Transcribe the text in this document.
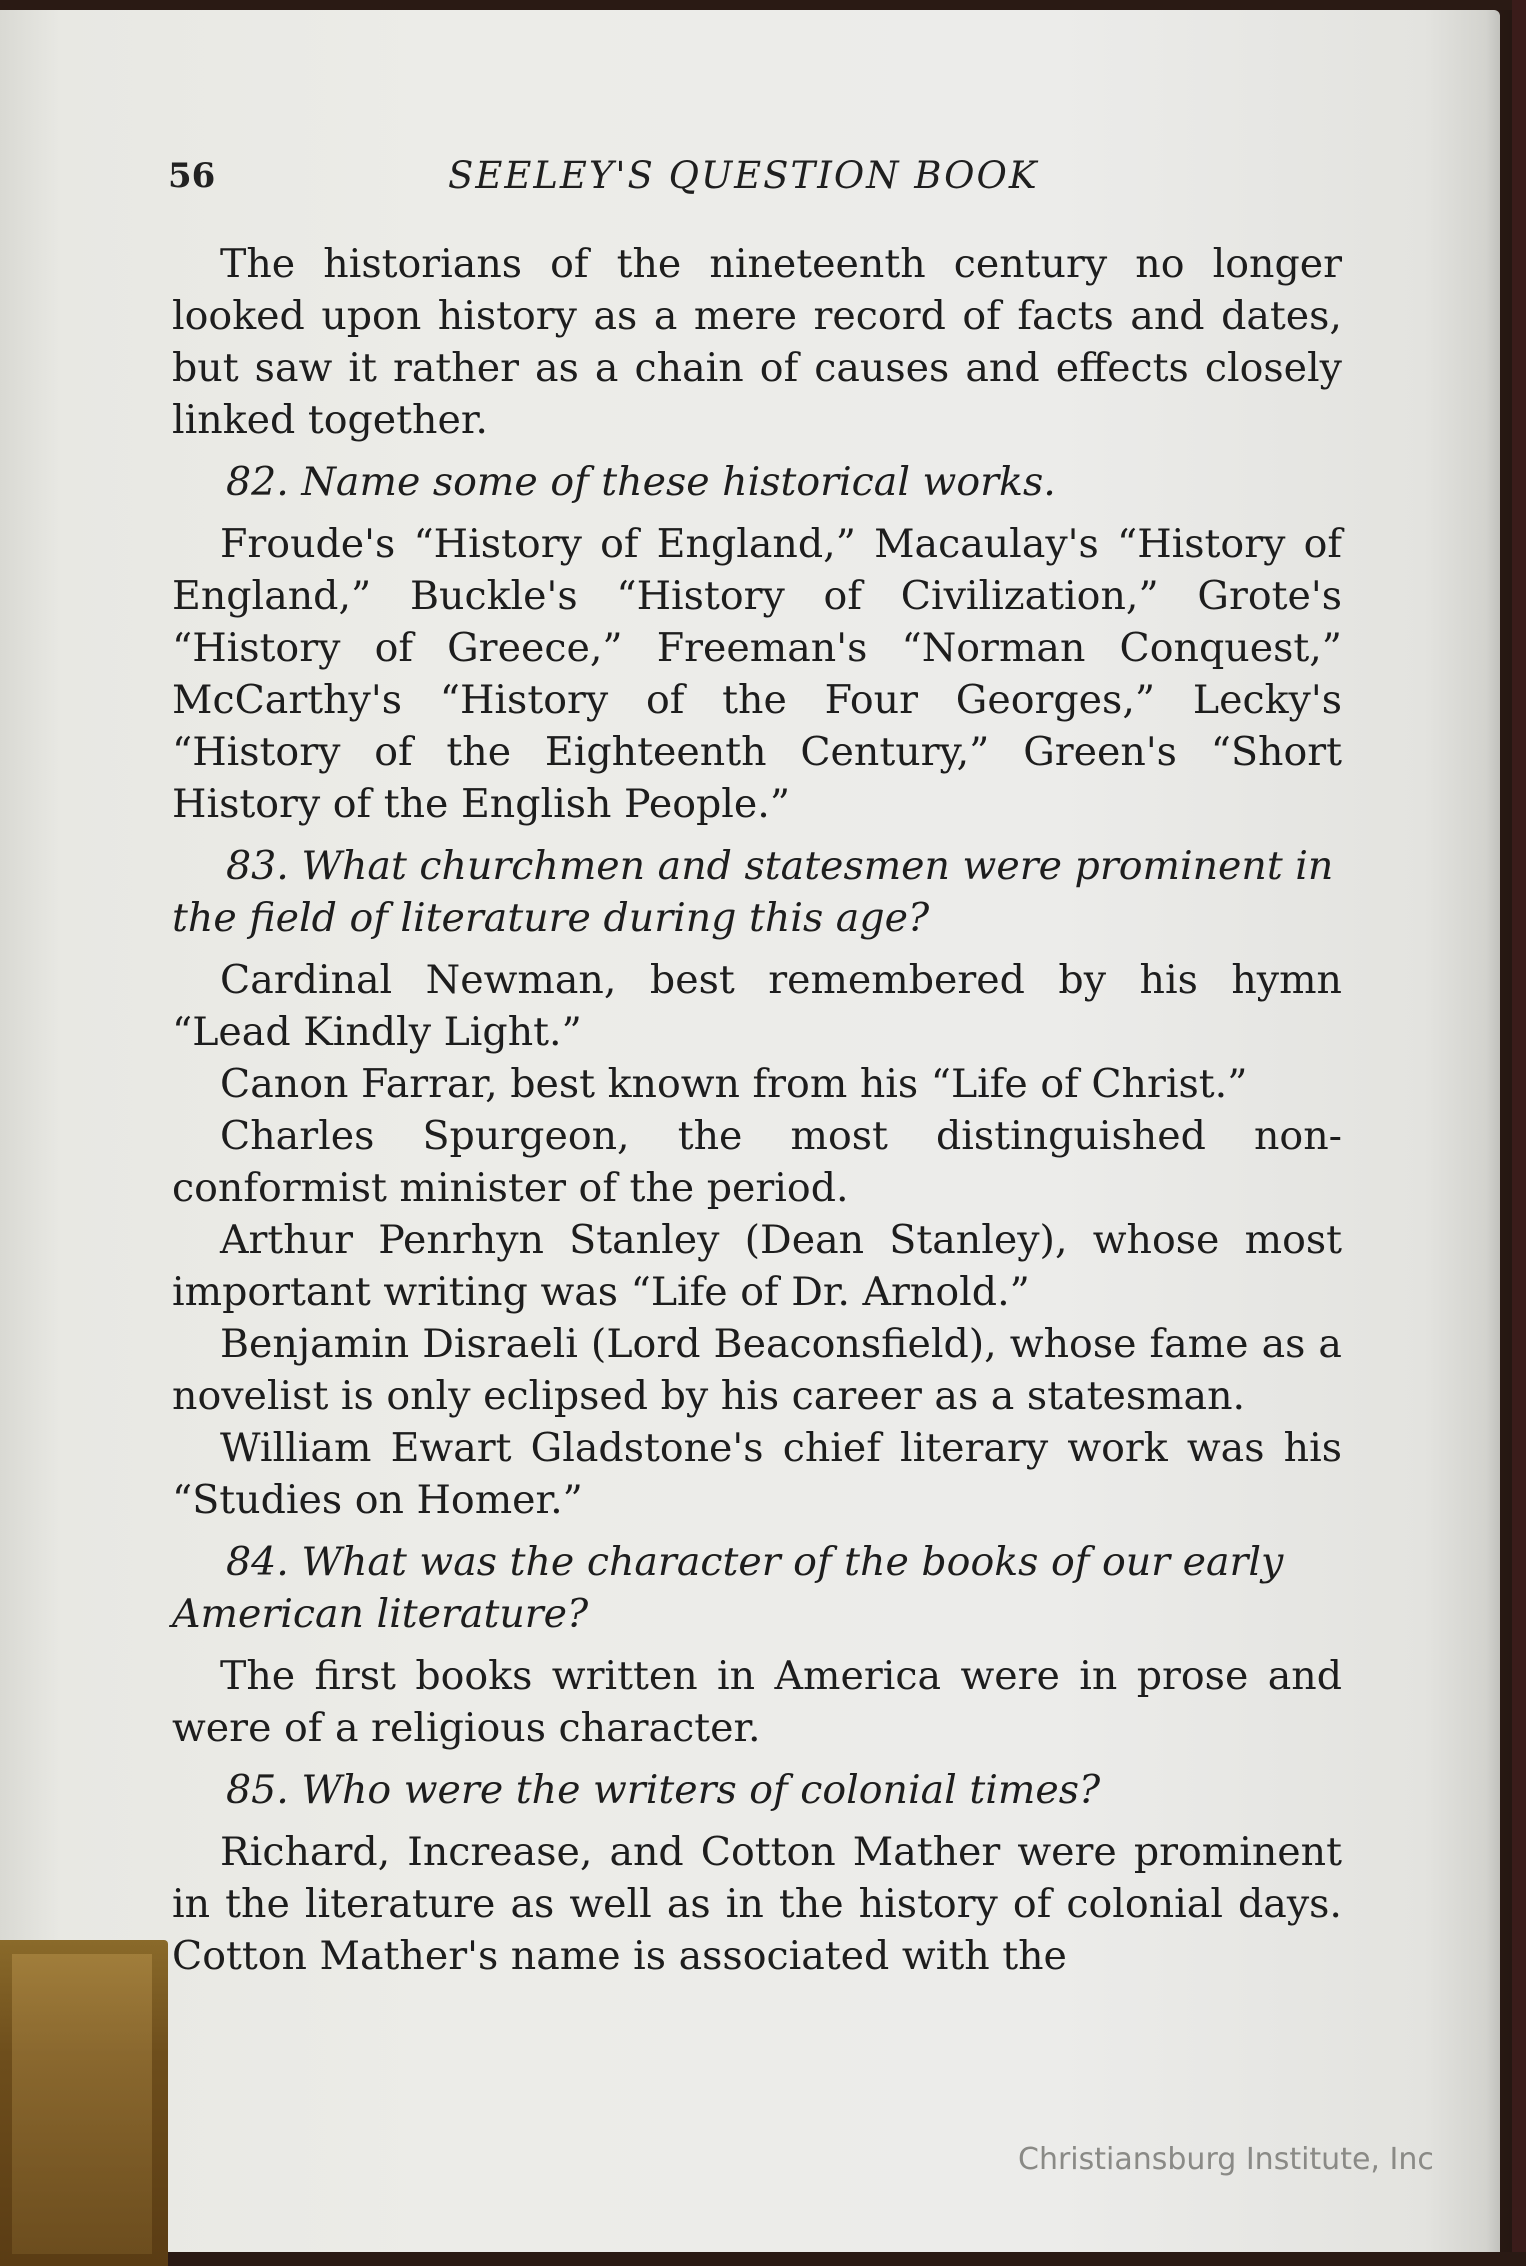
56	SEELEY'S QUESTION BOOK

The historians of the nineteenth century no longer looked upon history as a mere record of facts and dates, but saw it rather as a chain of causes and effects closely linked together.

82. Name some of these historical works.

Froude's “History of England,” Macaulay's “History of England,” Buckle's “History of Civilization,” Grote's “History of Greece,” Freeman's “Norman Conquest,” McCarthy's “History of the Four Georges,” Lecky's “History of the Eighteenth Century,” Green's “Short History of the English People.”

83. What churchmen and statesmen were prominent in the field of literature during this age?

Cardinal Newman, best remembered by his hymn “Lead Kindly Light.”

Canon Farrar, best known from his “Life of Christ.”

Charles Spurgeon, the most distinguished non-conformist minister of the period.

Arthur Penrhyn Stanley (Dean Stanley), whose most important writing was “Life of Dr. Arnold.”

Benjamin Disraeli (Lord Beaconsfield), whose fame as a novelist is only eclipsed by his career as a statesman.

William Ewart Gladstone's chief literary work was his “Studies on Homer.”

84. What was the character of the books of our early American literature?

The first books written in America were in prose and were of a religious character.

85. Who were the writers of colonial times?

Richard, Increase, and Cotton Mather were prominent in the literature as well as in the history of colonial days. Cotton Mather's name is associated with the

Christiansburg Institute, Inc
